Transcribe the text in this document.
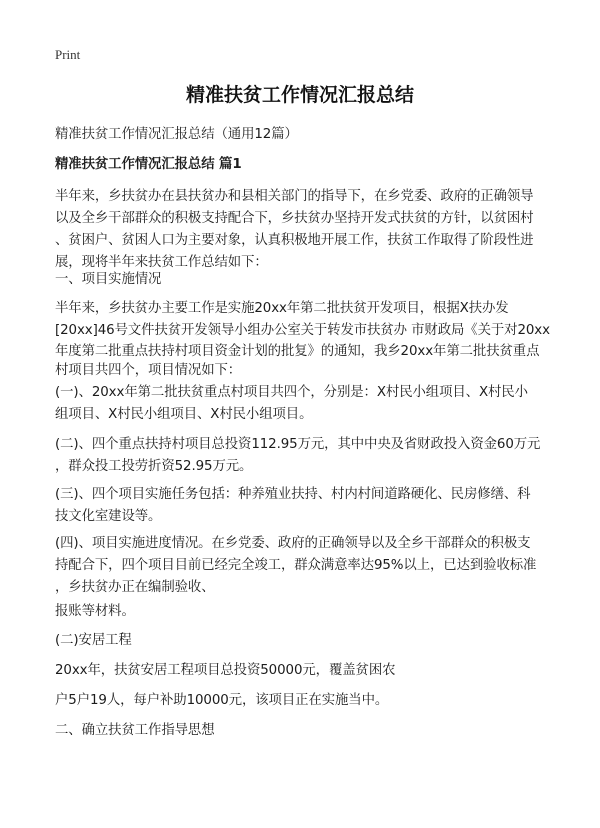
Print
精准扶贫工作情况汇报总结
精准扶贫工作情况汇报总结（通用12篇）
精准扶贫工作情况汇报总结 篇1
半年来，乡扶贫办在县扶贫办和县相关部门的指导下，在乡党委、政府的正确领导
以及全乡干部群众的积极支持配合下，乡扶贫办坚持开发式扶贫的方针，以贫困村
、贫困户、贫困人口为主要对象，认真积极地开展工作，扶贫工作取得了阶段性进
展，现将半年来扶贫工作总结如下：
一、项目实施情况
半年来，乡扶贫办主要工作是实施20xx年第二批扶贫开发项目，根据X扶办发
[20xx]46号文件扶贫开发领导小组办公室关于转发市扶贫办 市财政局《关于对20xx
年度第二批重点扶持村项目资金计划的批复》的通知，我乡20xx年第二批扶贫重点
村项目共四个，项目情况如下：
(一)、20xx年第二批扶贫重点村项目共四个，分别是：X村民小组项目、X村民小
组项目、X村民小组项目、X村民小组项目。
(二)、四个重点扶持村项目总投资112.95万元，其中中央及省财政投入资金60万元
，群众投工投劳折资52.95万元。
(三)、四个项目实施任务包括：种养殖业扶持、村内村间道路硬化、民房修缮、科
技文化室建设等。
(四)、项目实施进度情况。在乡党委、政府的正确领导以及全乡干部群众的积极支
持配合下，四个项目目前已经完全竣工，群众满意率达95%以上，已达到验收标准
，乡扶贫办正在编制验收、
报账等材料。
(二)安居工程
20xx年，扶贫安居工程项目总投资50000元，覆盖贫困农
户5户19人，每户补助10000元，该项目正在实施当中。
二、确立扶贫工作指导思想
